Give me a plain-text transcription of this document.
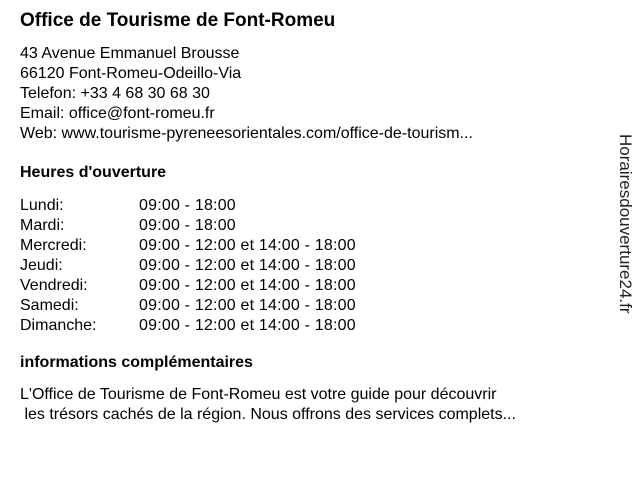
Office de Tourisme de Font-Romeu
43 Avenue Emmanuel Brousse
66120 Font-Romeu-Odeillo-Via
Telefon: +33 4 68 30 68 30
Email: office@font-romeu.fr
Web: www.tourisme-pyreneesorientales.com/office-de-tourism...
Heures d'ouverture
Lundi:	09:00 - 18:00
Mardi:	09:00 - 18:00
Mercredi:	09:00 - 12:00 et 14:00 - 18:00
Jeudi:	09:00 - 12:00 et 14:00 - 18:00
Vendredi:	09:00 - 12:00 et 14:00 - 18:00
Samedi:	09:00 - 12:00 et 14:00 - 18:00
Dimanche:	09:00 - 12:00 et 14:00 - 18:00
informations complémentaires
L'Office de Tourisme de Font-Romeu est votre guide pour découvrir
les trésors cachés de la région. Nous offrons des services complets...
Horairesdouverture24.fr
